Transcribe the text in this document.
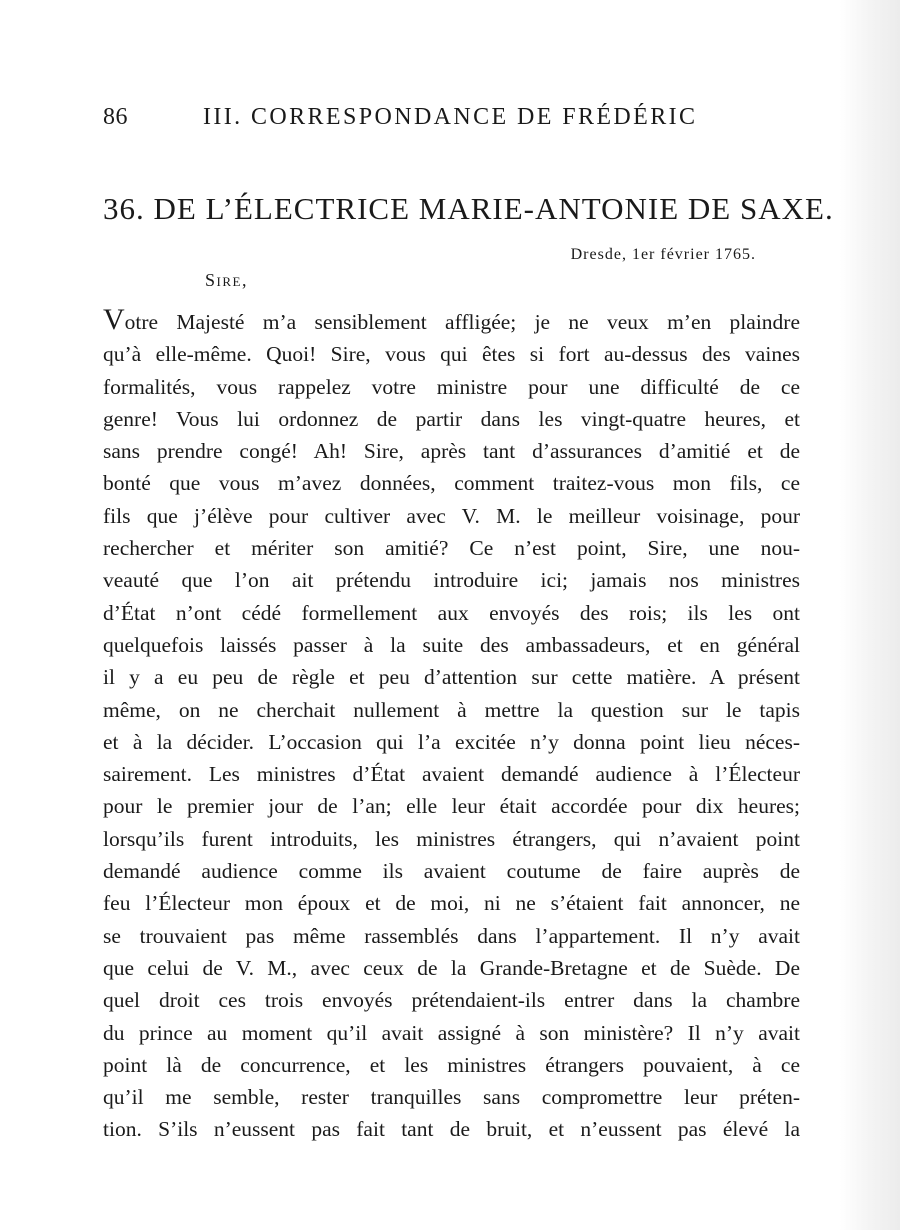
86	III. CORRESPONDANCE DE FRÉDÉRIC
36. DE L’ÉLECTRICE MARIE-ANTONIE DE SAXE.
Dresde, 1er février 1765.
Sire,
Votre Majesté m’a sensiblement affligée; je ne veux m’en plaindre
qu’à elle-même. Quoi! Sire, vous qui êtes si fort au-dessus des vaines
formalités, vous rappelez votre ministre pour une difficulté de ce
genre! Vous lui ordonnez de partir dans les vingt-quatre heures, et
sans prendre congé! Ah! Sire, après tant d’assurances d’amitié et de
bonté que vous m’avez données, comment traitez-vous mon fils, ce
fils que j’élève pour cultiver avec V. M. le meilleur voisinage, pour
rechercher et mériter son amitié? Ce n’est point, Sire, une nou-
veauté que l’on ait prétendu introduire ici; jamais nos ministres
d’État n’ont cédé formellement aux envoyés des rois; ils les ont
quelquefois laissés passer à la suite des ambassadeurs, et en général
il y a eu peu de règle et peu d’attention sur cette matière. A présent
même, on ne cherchait nullement à mettre la question sur le tapis
et à la décider. L’occasion qui l’a excitée n’y donna point lieu néces-
sairement. Les ministres d’État avaient demandé audience à l’Électeur
pour le premier jour de l’an; elle leur était accordée pour dix heures;
lorsqu’ils furent introduits, les ministres étrangers, qui n’avaient point
demandé audience comme ils avaient coutume de faire auprès de
feu l’Électeur mon époux et de moi, ni ne s’étaient fait annoncer, ne
se trouvaient pas même rassemblés dans l’appartement. Il n’y avait
que celui de V. M., avec ceux de la Grande-Bretagne et de Suède. De
quel droit ces trois envoyés prétendaient-ils entrer dans la chambre
du prince au moment qu’il avait assigné à son ministère? Il n’y avait
point là de concurrence, et les ministres étrangers pouvaient, à ce
qu’il me semble, rester tranquilles sans compromettre leur préten-
tion. S’ils n’eussent pas fait tant de bruit, et n’eussent pas élevé la
